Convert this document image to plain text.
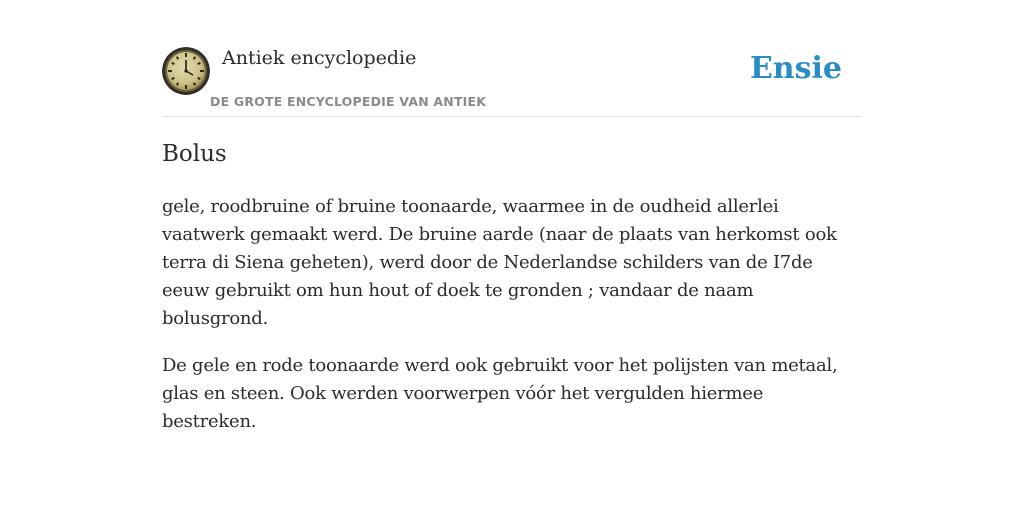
Antiek encyclopedie
DE GROTE ENCYCLOPEDIE VAN ANTIEK
Ensie
Bolus

gele, roodbruine of bruine toonaarde, waarmee in de oudheid allerlei vaatwerk gemaakt werd. De bruine aarde (naar de plaats van herkomst ook terra di Siena geheten), werd door de Nederlandse schilders van de I7de eeuw gebruikt om hun hout of doek te gronden ; vandaar de naam bolusgrond.

De gele en rode toonaarde werd ook gebruikt voor het polijsten van metaal, glas en steen. Ook werden voorwerpen vóór het vergulden hiermee bestreken.
